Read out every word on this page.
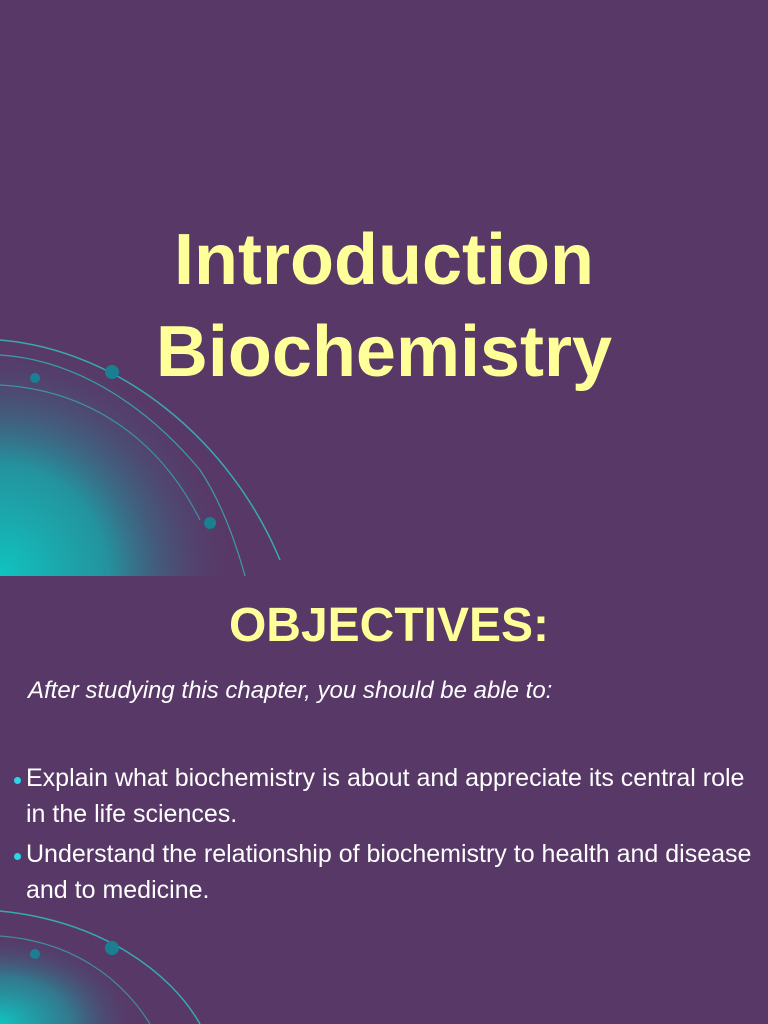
Introduction
Biochemistry
OBJECTIVES:

After studying this chapter, you should be able to:

Explain what biochemistry is about and appreciate its central role in the life sciences.
Understand the relationship of biochemistry to health and disease and to medicine.
